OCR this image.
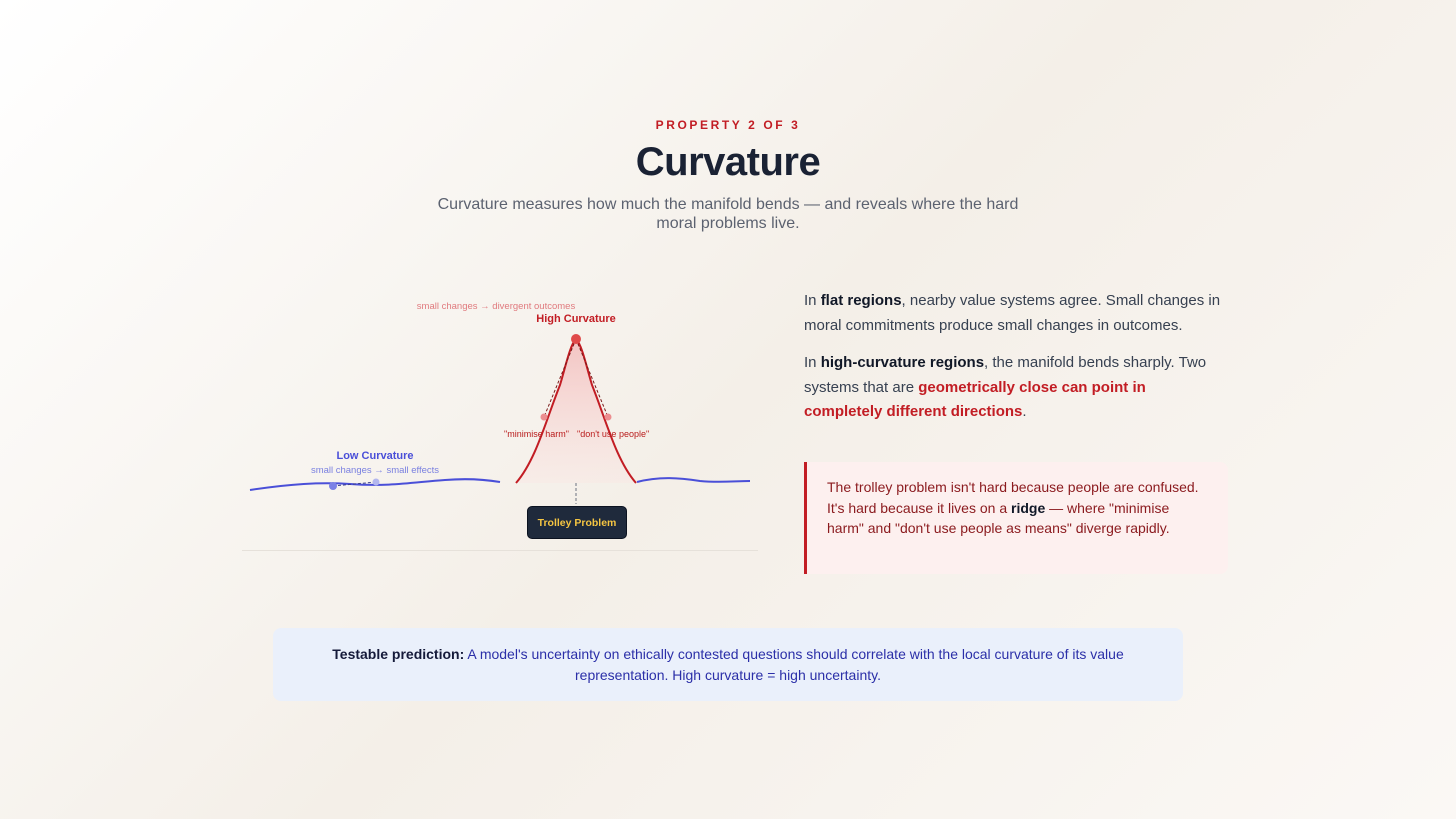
PROPERTY 2 OF 3
Curvature
Curvature measures how much the manifold bends — and reveals where the hard moral problems live.
small changes → divergent outcomes
High Curvature
"minimise harm" "don't use people"
Low Curvature
small changes → small effects
Trolley Problem

In flat regions, nearby value systems agree. Small changes in moral commitments produce small changes in outcomes.

In high-curvature regions, the manifold bends sharply. Two systems that are geometrically close can point in completely different directions.

The trolley problem isn't hard because people are confused. It's hard because it lives on a ridge — where "minimise harm" and "don't use people as means" diverge rapidly.
Testable prediction: A model's uncertainty on ethically contested questions should correlate with the local curvature of its value representation. High curvature = high uncertainty.
